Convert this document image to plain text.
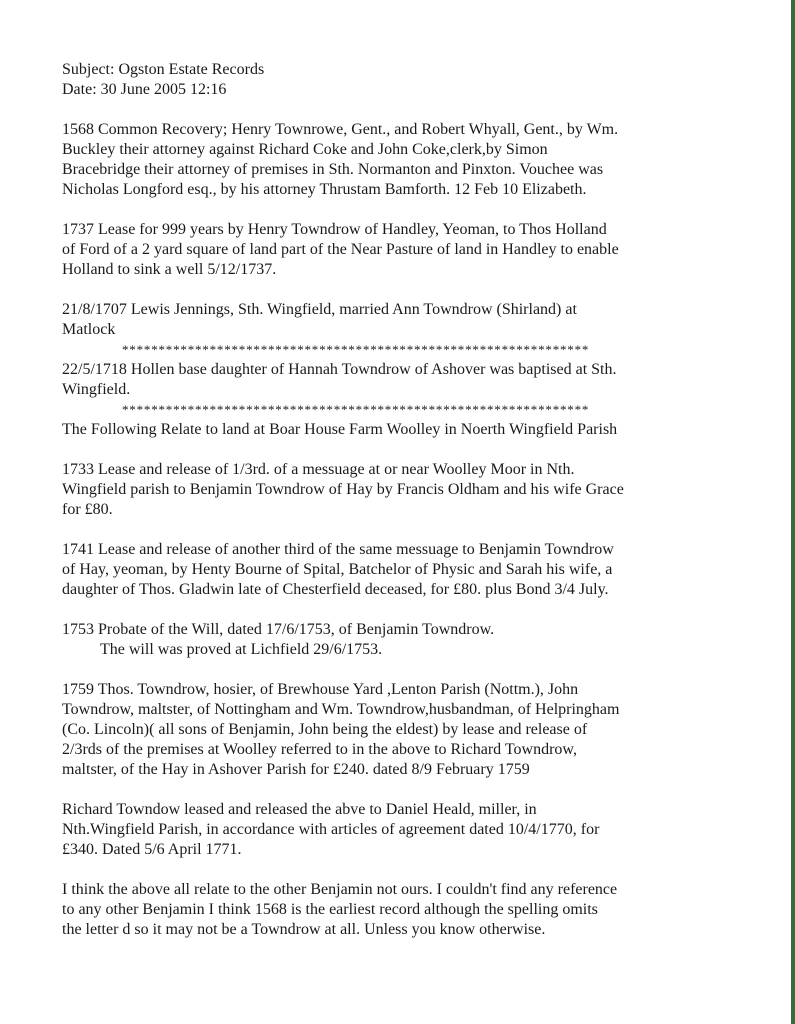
Subject: Ogston Estate Records
Date: 30 June 2005 12:16
1568 Common Recovery; Henry Townrowe, Gent., and Robert Whyall, Gent., by Wm.
Buckley their attorney against Richard Coke and John Coke,clerk,by Simon
Bracebridge their attorney of premises in Sth. Normanton and Pinxton. Vouchee was
Nicholas Longford esq., by his attorney Thrustam Bamforth. 12 Feb 10 Elizabeth.
1737 Lease for 999 years by Henry Towndrow of Handley, Yeoman, to Thos Holland
of Ford of a 2 yard square of land part of the Near Pasture of land in Handley to enable
Holland to sink a well 5/12/1737.
21/8/1707 Lewis Jennings, Sth. Wingfield, married Ann Towndrow (Shirland) at
Matlock
****************************************************************
22/5/1718 Hollen base daughter of Hannah Towndrow of Ashover was baptised at Sth.
Wingfield.
****************************************************************
The Following Relate to land at Boar House Farm Woolley in Noerth Wingfield Parish
1733 Lease and release of 1/3rd. of a messuage at or near Woolley Moor in Nth.
Wingfield parish to Benjamin Towndrow of Hay by Francis Oldham and his wife Grace
for £80.
1741 Lease and release of another third of the same messuage to Benjamin Towndrow
of Hay, yeoman, by Henty Bourne of Spital, Batchelor of Physic and Sarah his wife, a
daughter of Thos. Gladwin late of Chesterfield deceased, for £80. plus Bond 3/4 July.
1753 Probate of the Will, dated 17/6/1753, of Benjamin Towndrow.
The will was proved at Lichfield 29/6/1753.
1759 Thos. Towndrow, hosier, of Brewhouse Yard ,Lenton Parish (Nottm.), John
Towndrow, maltster, of Nottingham and Wm. Towndrow,husbandman, of Helpringham
(Co. Lincoln)( all sons of Benjamin, John being the eldest) by lease and release of
2/3rds of the premises at Woolley referred to in the above to Richard Towndrow,
maltster, of the Hay in Ashover Parish for £240. dated 8/9 February 1759
Richard Towndow leased and released the abve to Daniel Heald, miller, in
Nth.Wingfield Parish, in accordance with articles of agreement dated 10/4/1770, for
£340. Dated 5/6 April 1771.
I think the above all relate to the other Benjamin not ours. I couldn't find any reference
to any other Benjamin I think 1568 is the earliest record although the spelling omits
the letter d so it may not be a Towndrow at all. Unless you know otherwise.
